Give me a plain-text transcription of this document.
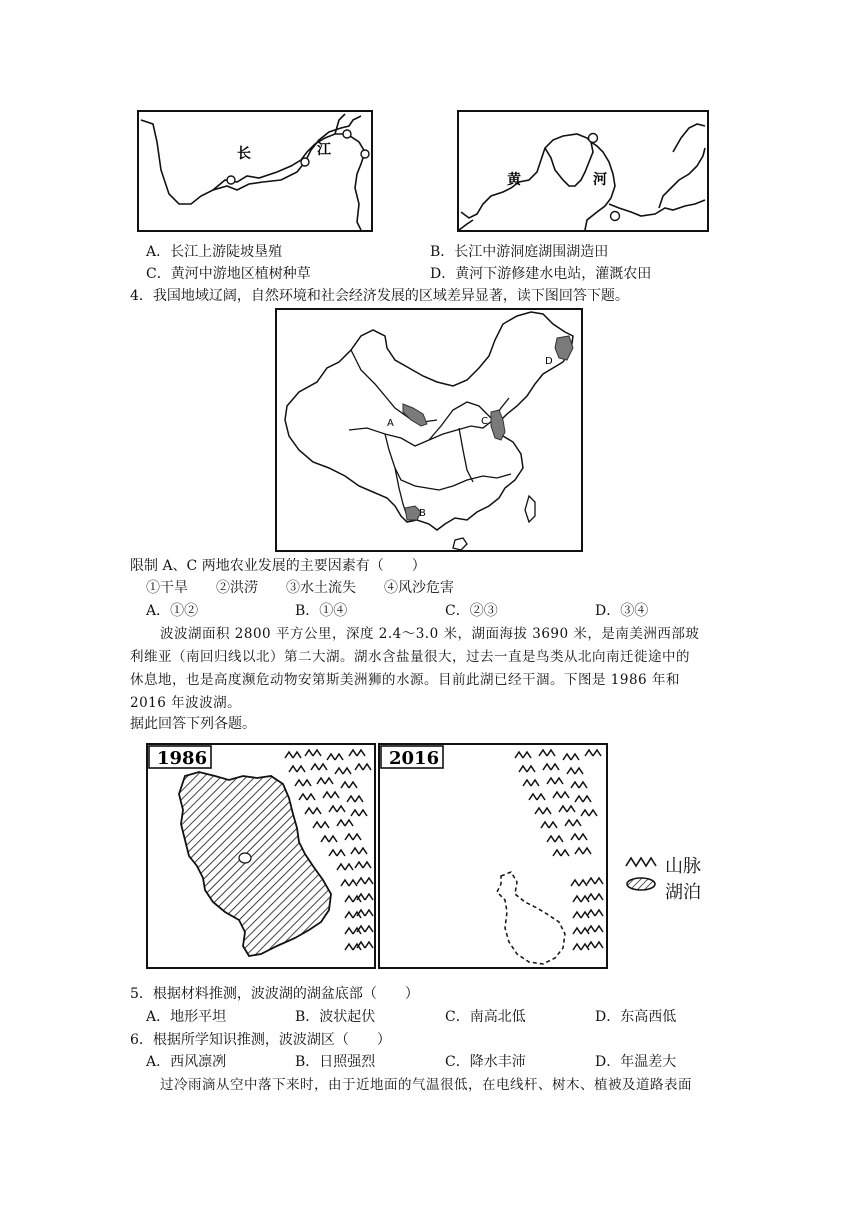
长	江
黄	河
A．长江上游陡坡垦殖	B．长江中游洞庭湖围湖造田
C．黄河中游地区植树种草	D．黄河下游修建水电站，灌溉农田
4．我国地域辽阔，自然环境和社会经济发展的区域差异显著，读下图回答下题。
A
B
C
D
限制 A、C 两地农业发展的主要因素有（　　）
①干旱　　②洪涝　　③水土流失　　④风沙危害
A．①②	B．①④	C．②③	D．③④
波波湖面积 2800 平方公里，深度 2.4～3.0 米，湖面海拔 3690 米，是南美洲西部玻
利维亚（南回归线以北）第二大湖。湖水含盐量很大，过去一直是鸟类从北向南迁徙途中的
休息地，也是高度濒危动物安第斯美洲狮的水源。目前此湖已经干涸。下图是 1986 年和
2016 年波波湖。
据此回答下列各题。
1986	2016
山脉
湖泊
5．根据材料推测，波波湖的湖盆底部（　　）
A．地形平坦	B．波状起伏	C．南高北低	D．东高西低
6．根据所学知识推测，波波湖区（　　）
A．西风凛冽	B．日照强烈	C．降水丰沛	D．年温差大
过冷雨滴从空中落下来时，由于近地面的气温很低，在电线杆、树木、植被及道路表面
